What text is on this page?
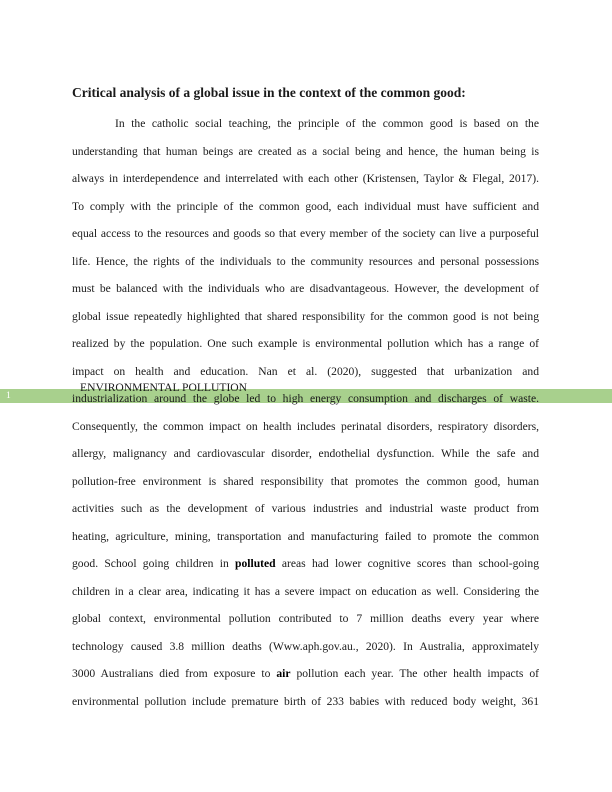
Critical analysis of a global issue in the context of the common good:
In the catholic social teaching, the principle of the common good is based on the
understanding that human beings are created as a social being and hence, the human being is
always in interdependence and interrelated with each other (Kristensen, Taylor & Flegal, 2017).
To comply with the principle of the common good, each individual must have sufficient and
equal access to the resources and goods so that every member of the society can live a purposeful
life. Hence, the rights of the individuals to the community resources and personal possessions
must be balanced with the individuals who are disadvantageous. However, the development of
global issue repeatedly highlighted that shared responsibility for the common good is not being
realized by the population. One such example is environmental pollution which has a range of
impact on health and education. Nan et al. (2020), suggested that urbanization and
1
ENVIRONMENTAL POLLUTION
industrialization around the globe led to high energy consumption and discharges of waste.
Consequently, the common impact on health includes perinatal disorders, respiratory disorders,
allergy, malignancy and cardiovascular disorder, endothelial dysfunction. While the safe and
pollution-free environment is shared responsibility that promotes the common good, human
activities such as the development of various industries and industrial waste product from
heating, agriculture, mining, transportation and manufacturing failed to promote the common
good. School going children in polluted areas had lower cognitive scores than school-going
children in a clear area, indicating it has a severe impact on education as well. Considering the
global context, environmental pollution contributed to 7 million deaths every year where
technology caused 3.8 million deaths (Www.aph.gov.au., 2020). In Australia, approximately
3000 Australians died from exposure to air pollution each year. The other health impacts of
environmental pollution include premature birth of 233 babies with reduced body weight, 361
